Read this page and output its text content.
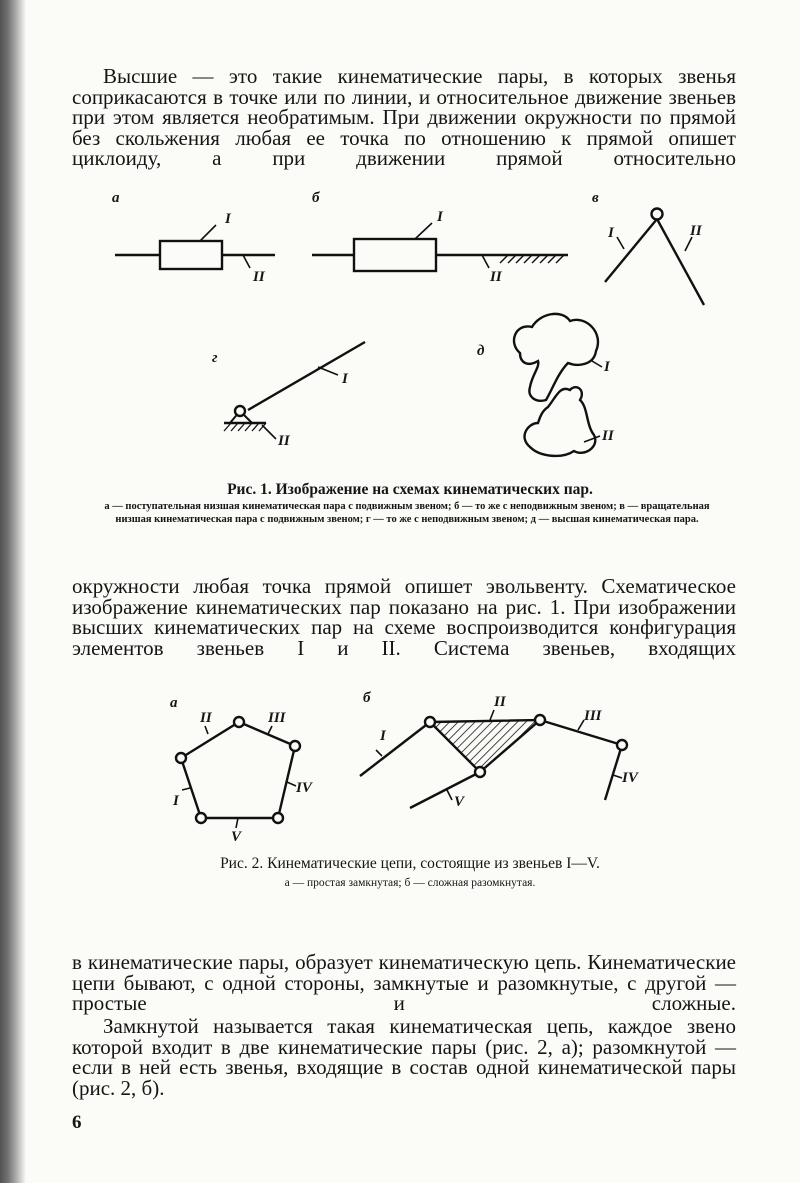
Высшие — это такие кинематические пары, в которых звенья соприкасаются в точке или по линии, и относительное движение звеньев при этом является необратимым. При движении окружности по прямой без скольжения любая ее точка по отношению к прямой опишет циклоиду, а при движении прямой относительно

а	б	в
г	д
I
II
I
II
I	II
I
II
I
II
Рис. 1. Изображение на схемах кинематических пар.
а — поступательная низшая кинематическая пара с подвижным звеном; б — то же с неподвижным звеном; в — вращательная низшая кинематическая пара с подвижным звеном; г — то же с неподвижным звеном; д — высшая кинематическая пара.

окружности любая точка прямой опишет эвольвенту. Схематическое изображение кинематических пар показано на рис. 1. При изображении высших кинематических пар на схеме воспроизводится конфигурация элементов звеньев I и II. Система звеньев, входящих

а	б
II	III
IV
V
I
I
II
III
IV
V
Рис. 2. Кинематические цепи, состоящие из звеньев I—V.
а — простая замкнутая; б — сложная разомкнутая.

в кинематические пары, образует кинематическую цепь. Кинематические цепи бывают, с одной стороны, замкнутые и разомкнутые, с другой — простые и сложные.

Замкнутой называется такая кинематическая цепь, каждое звено которой входит в две кинематические пары (рис. 2, а); разомкнутой — если в ней есть звенья, входящие в состав одной кинематической пары (рис. 2, б).

6
